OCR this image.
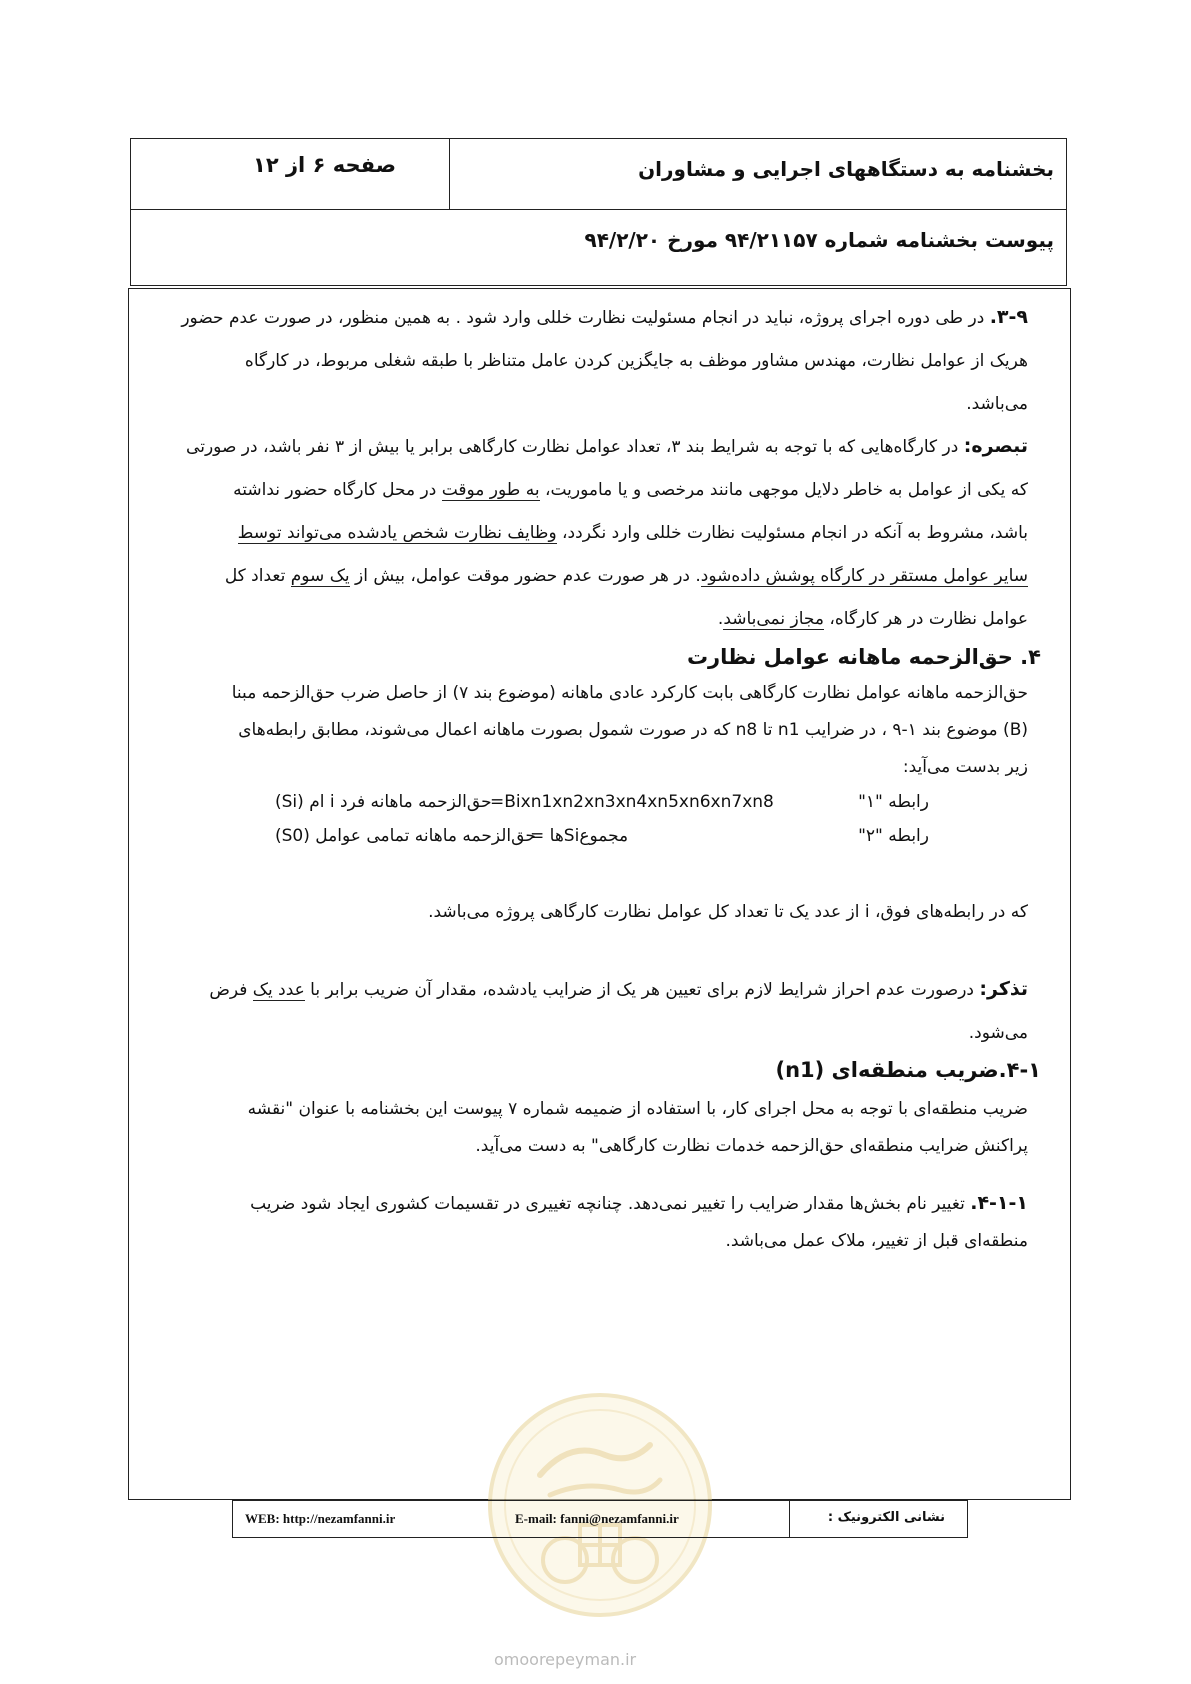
بخشنامه به دستگاههای اجرایی و مشاوران
صفحه ۶ از ۱۲
پیوست بخشنامه شماره ۹۴/۲۱۱۵۷ مورخ ۹۴/۲/۲۰
۳-۹. در طی دوره اجرای پروژه، نباید در انجام مسئولیت نظارت خللی وارد شود . به همین منظور، در صورت عدم حضور
هریک از عوامل نظارت، مهندس مشاور موظف به جایگزین کردن عامل متناظر با طبقه شغلی مربوط، در کارگاه
می‌باشد.
تبصره: در کارگاه‌هایی که با توجه به شرایط بند ۳، تعداد عوامل نظارت کارگاهی برابر یا بیش از ۳ نفر باشد، در صورتی
که یکی از عوامل به خاطر دلایل موجهی مانند مرخصی و یا ماموریت، به طور موقت در محل کارگاه حضور نداشته
باشد، مشروط به آنکه در انجام مسئولیت نظارت خللی وارد نگردد، وظایف نظارت شخص یادشده می‌تواند توسط
سایر عوامل مستقر در کارگاه پوشش داده‌شود. در هر صورت عدم حضور موقت عوامل، بیش از یک سوم تعداد کل
عوامل نظارت در هر کارگاه، مجاز نمی‌باشد.
۴. حق‌الزحمه ماهانه عوامل نظارت
حق‌الزحمه ماهانه عوامل نظارت کارگاهی بابت کارکرد عادی ماهانه (موضوع بند ۷) از حاصل ضرب حق‌الزحمه مبنا
(B) موضوع بند ۱-۹ ، در ضرایب n1 تا n8 که در صورت شمول بصورت ماهانه اعمال می‌شوند، مطابق رابطه‌های
زیر بدست می‌آید:
رابطه "۱"
Bixn1xn2xn3xn4xn5xn6xn7xn8=
حق‌الزحمه ماهانه فرد i ام (Si)
رابطه "۲"
مجموعSiها =
حق‌الزحمه ماهانه تمامی عوامل (S0)
که در رابطه‌های فوق، i از عدد یک تا تعداد کل عوامل نظارت کارگاهی پروژه می‌باشد.
تذکر: درصورت عدم احراز شرایط لازم برای تعیین هر یک از ضرایب یادشده، مقدار آن ضریب برابر با عدد یک فرض
می‌شود.
۴-۱.ضریب منطقه‌ای (n1)
ضریب منطقه‌ای با توجه به محل اجرای کار، با استفاده از ضمیمه شماره ۷ پیوست این بخشنامه با عنوان "نقشه
پراکنش ضرایب منطقه‌ای حق‌الزحمه خدمات نظارت کارگاهی" به دست می‌آید.
۴-۱-۱. تغییر نام بخش‌ها مقدار ضرایب را تغییر نمی‌دهد. چنانچه تغییری در تقسیمات کشوری ایجاد شود ضریب
منطقه‌ای قبل از تغییر، ملاک عمل می‌باشد.
omoorepeyman.ir
WEB: http://nezamfanni.ir	E-mail: fanni@nezamfanni.ir	نشانی الکترونیک :
